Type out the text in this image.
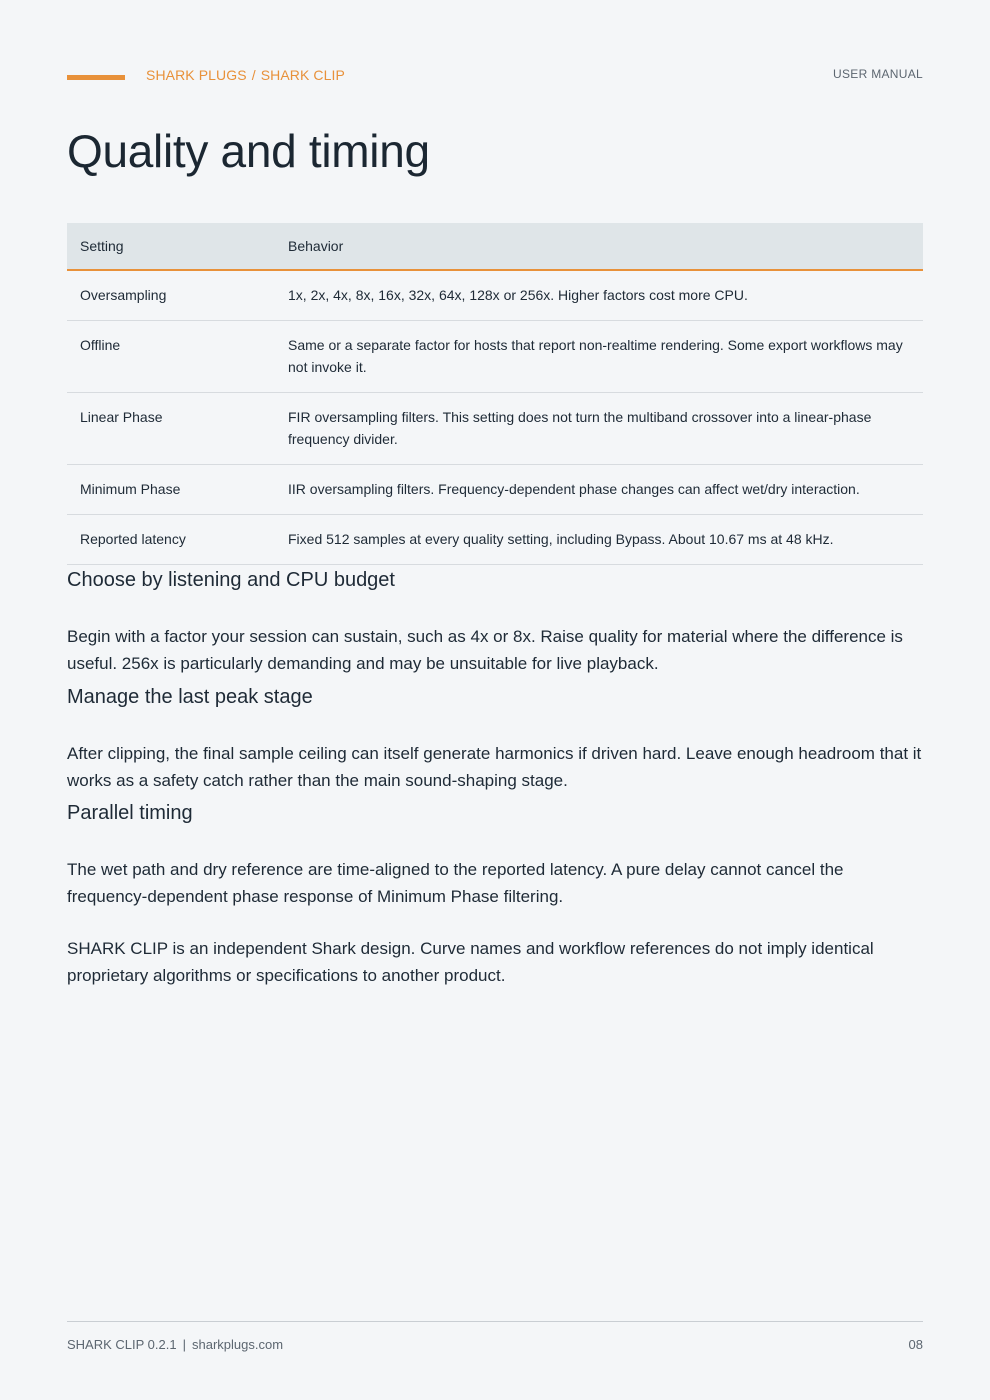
SHARK PLUGS / SHARK CLIP	USER MANUAL
Quality and timing
Setting	Behavior
Oversampling	1x, 2x, 4x, 8x, 16x, 32x, 64x, 128x or 256x. Higher factors cost more CPU.
Offline	Same or a separate factor for hosts that report non-realtime rendering. Some export workflows may not invoke it.
Linear Phase	FIR oversampling filters. This setting does not turn the multiband crossover into a linear-phase frequency divider.
Minimum Phase	IIR oversampling filters. Frequency-dependent phase changes can affect wet/dry interaction.
Reported latency	Fixed 512 samples at every quality setting, including Bypass. About 10.67 ms at 48 kHz.
Choose by listening and CPU budget

Begin with a factor your session can sustain, such as 4x or 8x. Raise quality for material where the difference is useful. 256x is particularly demanding and may be unsuitable for live playback.

Manage the last peak stage

After clipping, the final sample ceiling can itself generate harmonics if driven hard. Leave enough headroom that it works as a safety catch rather than the main sound-shaping stage.

Parallel timing

The wet path and dry reference are time-aligned to the reported latency. A pure delay cannot cancel the frequency-dependent phase response of Minimum Phase filtering.

SHARK CLIP is an independent Shark design. Curve names and workflow references do not imply identical proprietary algorithms or specifications to another product.

SHARK CLIP 0.2.1 | sharkplugs.com	08
